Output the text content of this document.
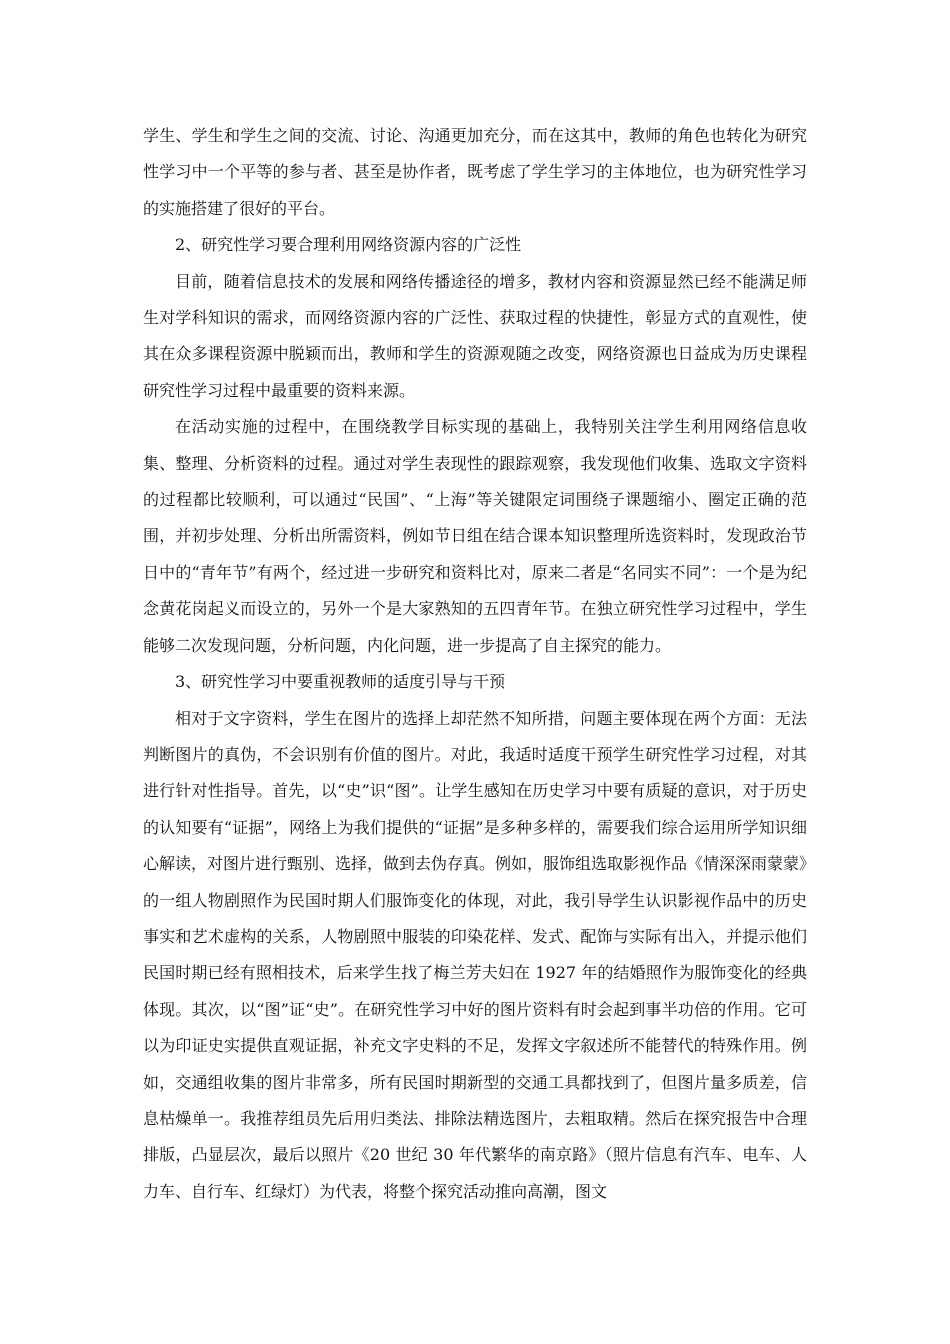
学生、学生和学生之间的交流、讨论、沟通更加充分，而在这其中，教师的角色也转化为研究性学习中一个平等的参与者、甚至是协作者，既考虑了学生学习的主体地位，也为研究性学习的实施搭建了很好的平台。

2、研究性学习要合理利用网络资源内容的广泛性

目前，随着信息技术的发展和网络传播途径的增多，教材内容和资源显然已经不能满足师生对学科知识的需求，而网络资源内容的广泛性、获取过程的快捷性，彰显方式的直观性，使其在众多课程资源中脱颖而出，教师和学生的资源观随之改变，网络资源也日益成为历史课程研究性学习过程中最重要的资料来源。

在活动实施的过程中，在围绕教学目标实现的基础上，我特别关注学生利用网络信息收集、整理、分析资料的过程。通过对学生表现性的跟踪观察，我发现他们收集、选取文字资料的过程都比较顺利，可以通过“民国”、“上海”等关键限定词围绕子课题缩小、圈定正确的范围，并初步处理、分析出所需资料，例如节日组在结合课本知识整理所选资料时，发现政治节日中的“青年节”有两个，经过进一步研究和资料比对，原来二者是“名同实不同”：一个是为纪念黄花岗起义而设立的，另外一个是大家熟知的五四青年节。在独立研究性学习过程中，学生能够二次发现问题，分析问题，内化问题，进一步提高了自主探究的能力。

3、研究性学习中要重视教师的适度引导与干预

相对于文字资料，学生在图片的选择上却茫然不知所措，问题主要体现在两个方面：无法判断图片的真伪，不会识别有价值的图片。对此，我适时适度干预学生研究性学习过程，对其进行针对性指导。首先，以“史”识“图”。让学生感知在历史学习中要有质疑的意识，对于历史的认知要有“证据”，网络上为我们提供的“证据”是多种多样的，需要我们综合运用所学知识细心解读，对图片进行甄别、选择，做到去伪存真。例如，服饰组选取影视作品《情深深雨蒙蒙》的一组人物剧照作为民国时期人们服饰变化的体现，对此，我引导学生认识影视作品中的历史事实和艺术虚构的关系，人物剧照中服装的印染花样、发式、配饰与实际有出入，并提示他们民国时期已经有照相技术，后来学生找了梅兰芳夫妇在 1927 年的结婚照作为服饰变化的经典体现。其次，以“图”证“史”。在研究性学习中好的图片资料有时会起到事半功倍的作用。它可以为印证史实提供直观证据，补充文字史料的不足，发挥文字叙述所不能替代的特殊作用。例如，交通组收集的图片非常多，所有民国时期新型的交通工具都找到了，但图片量多质差，信息枯燥单一。我推荐组员先后用归类法、排除法精选图片，去粗取精。然后在探究报告中合理排版，凸显层次，最后以照片《20 世纪 30 年代繁华的南京路》（照片信息有汽车、电车、人力车、自行车、红绿灯）为代表，将整个探究活动推向高潮，图文
